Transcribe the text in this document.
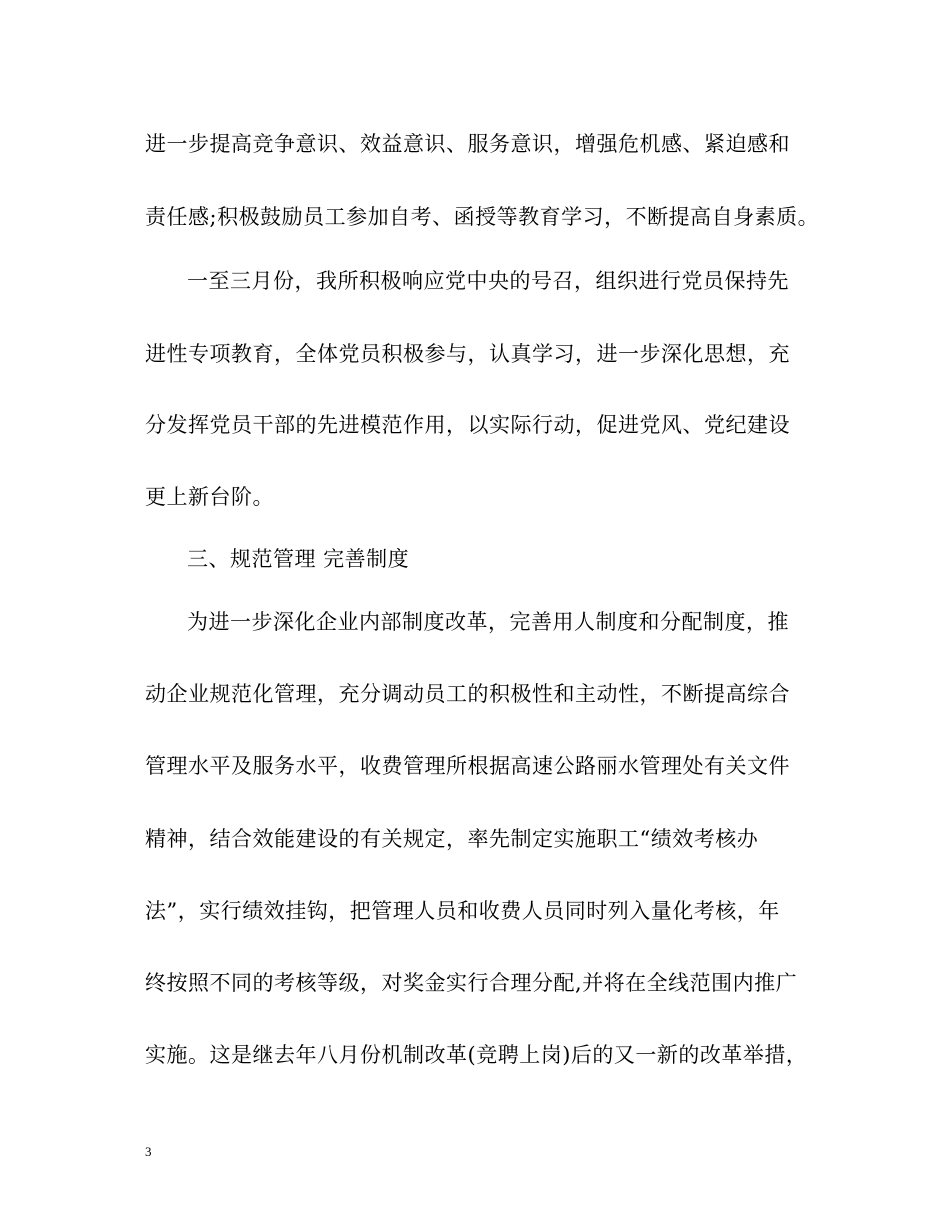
进一步提高竞争意识、效益意识、服务意识，增强危机感、紧迫感和
责任感;积极鼓励员工参加自考、函授等教育学习，不断提高自身素质。
一至三月份，我所积极响应党中央的号召，组织进行党员保持先
进性专项教育，全体党员积极参与，认真学习，进一步深化思想，充
分发挥党员干部的先进模范作用，以实际行动，促进党风、党纪建设
更上新台阶。
三、规范管理 完善制度
为进一步深化企业内部制度改革，完善用人制度和分配制度，推
动企业规范化管理，充分调动员工的积极性和主动性，不断提高综合
管理水平及服务水平，收费管理所根据高速公路丽水管理处有关文件
精神，结合效能建设的有关规定，率先制定实施职工“绩效考核办
法”，实行绩效挂钩，把管理人员和收费人员同时列入量化考核，年
终按照不同的考核等级，对奖金实行合理分配,并将在全线范围内推广
实施。这是继去年八月份机制改革(竞聘上岗)后的又一新的改革举措，
3
